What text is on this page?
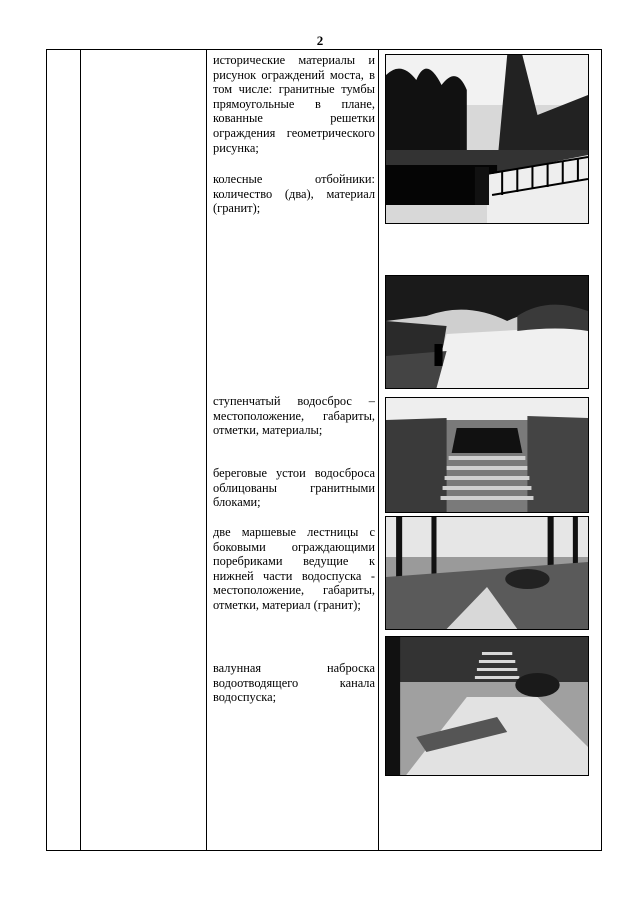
2

исторические материалы и рисунок ограждений моста, в том числе: гранитные тумбы прямоугольные в плане, кованные решетки ограждения геометрического рисунка;

колесные отбойники: количество (два), материал (гранит);

ступенчатый водосброс – местоположение, габариты, отметки, материалы;

береговые устои водосброса облицованы гранитными блоками;

две маршевые лестницы с боковыми ограждающими поребриками ведущие к нижней части водоспуска - местоположение, габариты, отметки, материал (гранит);

валунная наброска водоотводящего канала водоспуска;
